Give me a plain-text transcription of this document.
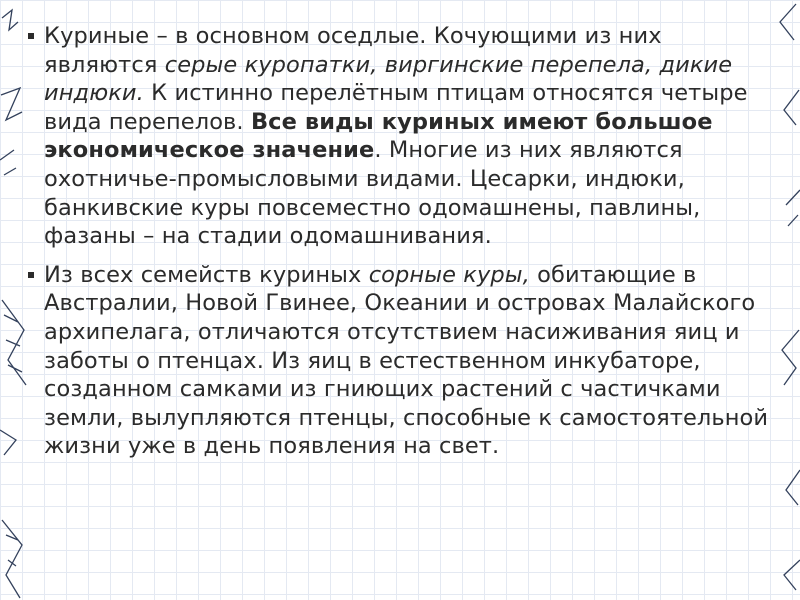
Куриные – в основном оседлые. Кочующими из них являются серые куропатки, виргинские перепела, дикие индюки. К истинно перелётным птицам относятся четыре вида перепелов. Все виды куриных имеют большое экономическое значение. Многие из них являются охотничье-промысловыми видами. Цесарки, индюки, банкивские куры повсеместно одомашнены, павлины, фазаны – на стадии одомашнивания.
Из всех семейств куриных сорные куры, обитающие в Австралии, Новой Гвинее, Океании и островах Малайского архипелага, отличаются отсутствием насиживания яиц и заботы о птенцах. Из яиц в естественном инкубаторе, созданном самками из гниющих растений с частичками земли, вылупляются птенцы, способные к самостоятельной жизни уже в день появления на свет.
